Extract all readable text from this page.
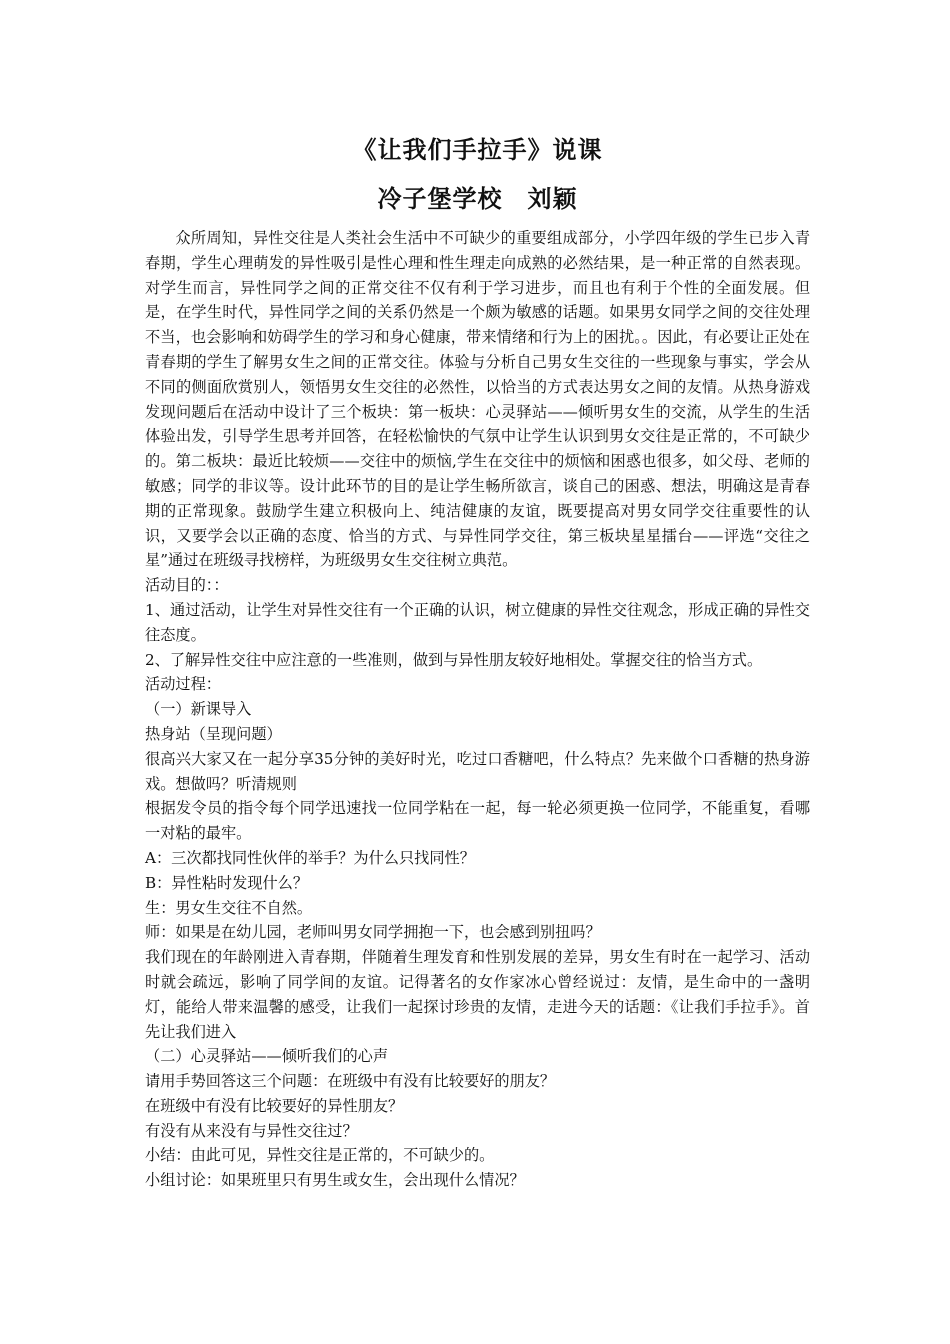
《让我们手拉手》说课
冷子堡学校　刘颖

众所周知，异性交往是人类社会生活中不可缺少的重要组成部分，小学四年级的学生已步入青春期，学生心理萌发的异性吸引是性心理和性生理走向成熟的必然结果，是一种正常的自然表现。对学生而言，异性同学之间的正常交往不仅有利于学习进步，而且也有利于个性的全面发展。但是，在学生时代，异性同学之间的关系仍然是一个颇为敏感的话题。如果男女同学之间的交往处理不当，也会影响和妨碍学生的学习和身心健康，带来情绪和行为上的困扰。。因此，有必要让正处在青春期的学生了解男女生之间的正常交往。体验与分析自己男女生交往的一些现象与事实，学会从不同的侧面欣赏别人，领悟男女生交往的必然性，以恰当的方式表达男女之间的友情。从热身游戏发现问题后在活动中设计了三个板块：第一板块：心灵驿站——倾听男女生的交流，从学生的生活体验出发，引导学生思考并回答，在轻松愉快的气氛中让学生认识到男女交往是正常的，不可缺少的。第二板块：最近比较烦——交往中的烦恼,学生在交往中的烦恼和困惑也很多，如父母、老师的敏感；同学的非议等。设计此环节的目的是让学生畅所欲言，谈自己的困惑、想法，明确这是青春期的正常现象。鼓励学生建立积极向上、纯洁健康的友谊，既要提高对男女同学交往重要性的认识，又要学会以正确的态度、恰当的方式、与异性同学交往，第三板块星星擂台——评选“交往之星”通过在班级寻找榜样，为班级男女生交往树立典范。

活动目的：：

1、通过活动，让学生对异性交往有一个正确的认识，树立健康的异性交往观念，形成正确的异性交往态度。

2、了解异性交往中应注意的一些准则，做到与异性朋友较好地相处。掌握交往的恰当方式。

活动过程：

（一）新课导入

热身站（呈现问题）

很高兴大家又在一起分享35分钟的美好时光，吃过口香糖吧，什么特点？先来做个口香糖的热身游戏。想做吗？听清规则

根据发令员的指令每个同学迅速找一位同学粘在一起，每一轮必须更换一位同学，不能重复，看哪一对粘的最牢。

A：三次都找同性伙伴的举手？为什么只找同性？

B：异性粘时发现什么？

生：男女生交往不自然。

师：如果是在幼儿园，老师叫男女同学拥抱一下，也会感到别扭吗？

我们现在的年龄刚进入青春期，伴随着生理发育和性别发展的差异，男女生有时在一起学习、活动时就会疏远，影响了同学间的友谊。记得著名的女作家冰心曾经说过：友情，是生命中的一盏明灯，能给人带来温馨的感受，让我们一起探讨珍贵的友情，走进今天的话题：《让我们手拉手》。首先让我们进入

（二）心灵驿站——倾听我们的心声

请用手势回答这三个问题：在班级中有没有比较要好的朋友？

在班级中有没有比较要好的异性朋友？

有没有从来没有与异性交往过？

小结：由此可见，异性交往是正常的，不可缺少的。

小组讨论：如果班里只有男生或女生，会出现什么情况？
